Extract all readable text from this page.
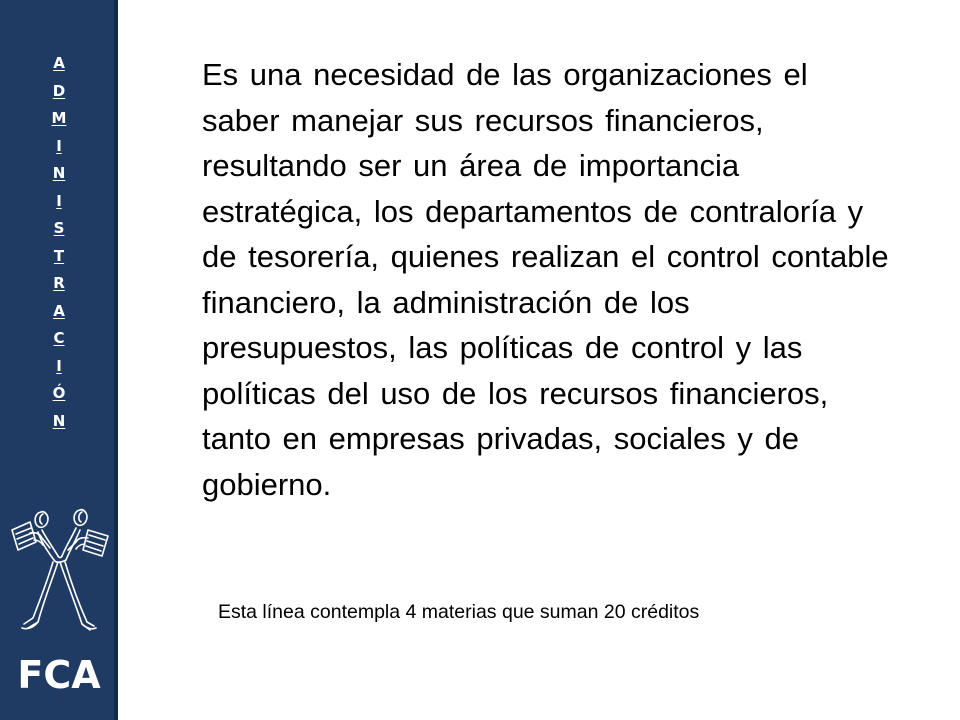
A
D
M
I
N
I
S
T
R
A
C
I
Ó
N
FCA

Es una necesidad de las organizaciones el saber manejar sus recursos financieros, resultando ser un área de importancia estratégica, los departamentos de contraloría y de tesorería, quienes realizan el control contable financiero, la administración de los presupuestos, las políticas de control y las políticas del uso de los recursos financieros, tanto en empresas privadas, sociales y de gobierno.

Esta línea contempla 4 materias que suman 20 créditos
